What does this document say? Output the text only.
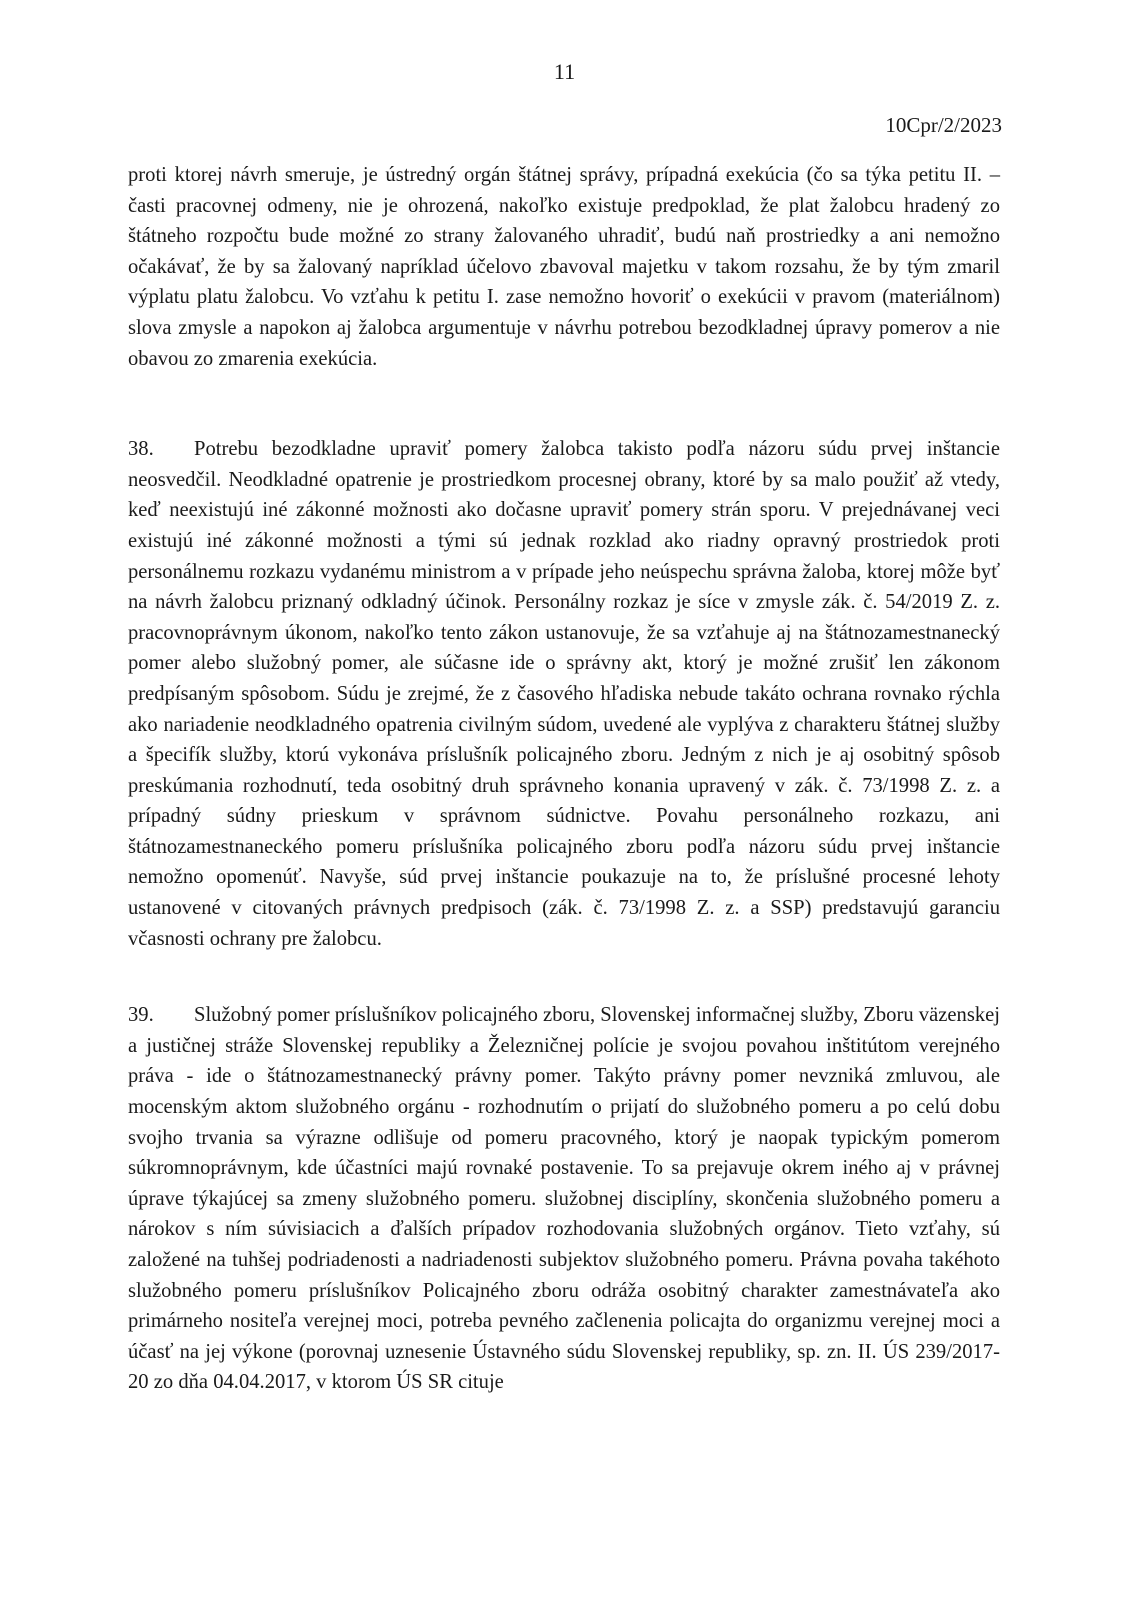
11
10Cpr/2/2023

proti ktorej návrh smeruje, je ústredný orgán štátnej správy, prípadná exekúcia (čo sa týka petitu II. – časti pracovnej odmeny, nie je ohrozená, nakoľko existuje predpoklad, že plat žalobcu hradený zo štátneho rozpočtu bude možné zo strany žalovaného uhradiť, budú naň prostriedky a ani nemožno očakávať, že by sa žalovaný napríklad účelovo zbavoval majetku v takom rozsahu, že by tým zmaril výplatu platu žalobcu. Vo vzťahu k petitu I. zase nemožno hovoriť o exekúcii v pravom (materiálnom) slova zmysle a napokon aj žalobca argumentuje v návrhu potrebou bezodkladnej úpravy pomerov a nie obavou zo zmarenia exekúcia.

38. Potrebu bezodkladne upraviť pomery žalobca takisto podľa názoru súdu prvej inštancie neosvedčil. Neodkladné opatrenie je prostriedkom procesnej obrany, ktoré by sa malo použiť až vtedy, keď neexistujú iné zákonné možnosti ako dočasne upraviť pomery strán sporu. V prejednávanej veci existujú iné zákonné možnosti a tými sú jednak rozklad ako riadny opravný prostriedok proti personálnemu rozkazu vydanému ministrom a v prípade jeho neúspechu správna žaloba, ktorej môže byť na návrh žalobcu priznaný odkladný účinok. Personálny rozkaz je síce v zmysle zák. č. 54/2019 Z. z. pracovnoprávnym úkonom, nakoľko tento zákon ustanovuje, že sa vzťahuje aj na štátnozamestnanecký pomer alebo služobný pomer, ale súčasne ide o správny akt, ktorý je možné zrušiť len zákonom predpísaným spôsobom. Súdu je zrejmé, že z časového hľadiska nebude takáto ochrana rovnako rýchla ako nariadenie neodkladného opatrenia civilným súdom, uvedené ale vyplýva z charakteru štátnej služby a špecifík služby, ktorú vykonáva príslušník policajného zboru. Jedným z nich je aj osobitný spôsob preskúmania rozhodnutí, teda osobitný druh správneho konania upravený v zák. č. 73/1998 Z. z. a prípadný súdny prieskum v správnom súdnictve. Povahu personálneho rozkazu, ani štátnozamestnaneckého pomeru príslušníka policajného zboru podľa názoru súdu prvej inštancie nemožno opomenúť. Navyše, súd prvej inštancie poukazuje na to, že príslušné procesné lehoty ustanovené v citovaných právnych predpisoch (zák. č. 73/1998 Z. z. a SSP) predstavujú garanciu včasnosti ochrany pre žalobcu.

39. Služobný pomer príslušníkov policajného zboru, Slovenskej informačnej služby, Zboru väzenskej a justičnej stráže Slovenskej republiky a Železničnej polície je svojou povahou inštitútom verejného práva - ide o štátnozamestnanecký právny pomer. Takýto právny pomer nevzniká zmluvou, ale mocenským aktom služobného orgánu - rozhodnutím o prijatí do služobného pomeru a po celú dobu svojho trvania sa výrazne odlišuje od pomeru pracovného, ktorý je naopak typickým pomerom súkromnoprávnym, kde účastníci majú rovnaké postavenie. To sa prejavuje okrem iného aj v právnej úprave týkajúcej sa zmeny služobného pomeru. služobnej disciplíny, skončenia služobného pomeru a nárokov s ním súvisiacich a ďalších prípadov rozhodovania služobných orgánov. Tieto vzťahy, sú založené na tuhšej podriadenosti a nadriadenosti subjektov služobného pomeru. Právna povaha takéhoto služobného pomeru príslušníkov Policajného zboru odráža osobitný charakter zamestnávateľa ako primárneho nositeľa verejnej moci, potreba pevného začlenenia policajta do organizmu verejnej moci a účasť na jej výkone (porovnaj uznesenie Ústavného súdu Slovenskej republiky, sp. zn. II. ÚS 239/2017-20 zo dňa 04.04.2017, v ktorom ÚS SR cituje
